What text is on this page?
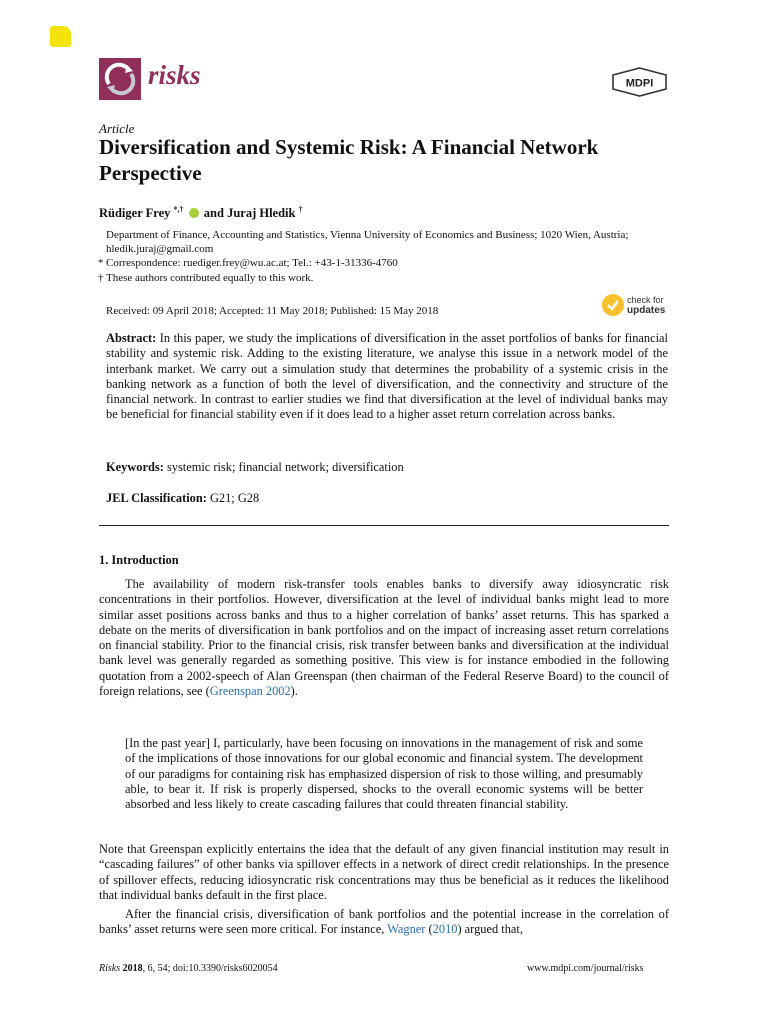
risks	MDPI
Article
Diversification and Systemic Risk: A Financial Network Perspective
Rüdiger Frey *,† and Juraj Hledik †
Department of Finance, Accounting and Statistics, Vienna University of Economics and Business; 1020 Wien, Austria; hledik.juraj@gmail.com
* Correspondence: ruediger.frey@wu.ac.at; Tel.: +43-1-31336-4760
† These authors contributed equally to this work.
Received: 09 April 2018; Accepted: 11 May 2018; Published: 15 May 2018
check for
updates
Abstract: In this paper, we study the implications of diversification in the asset portfolios of banks for financial stability and systemic risk. Adding to the existing literature, we analyse this issue in a network model of the interbank market. We carry out a simulation study that determines the probability of a systemic crisis in the banking network as a function of both the level of diversification, and the connectivity and structure of the financial network. In contrast to earlier studies we find that diversification at the level of individual banks may be beneficial for financial stability even if it does lead to a higher asset return correlation across banks.
Keywords: systemic risk; financial network; diversification
JEL Classification: G21; G28
1. Introduction
The availability of modern risk-transfer tools enables banks to diversify away idiosyncratic risk concentrations in their portfolios. However, diversification at the level of individual banks might lead to more similar asset positions across banks and thus to a higher correlation of banks’ asset returns. This has sparked a debate on the merits of diversification in bank portfolios and on the impact of increasing asset return correlations on financial stability. Prior to the financial crisis, risk transfer between banks and diversification at the individual bank level was generally regarded as something positive. This view is for instance embodied in the following quotation from a 2002-speech of Alan Greenspan (then chairman of the Federal Reserve Board) to the council of foreign relations, see (Greenspan 2002).
[In the past year] I, particularly, have been focusing on innovations in the management of risk and some of the implications of those innovations for our global economic and financial system. The development of our paradigms for containing risk has emphasized dispersion of risk to those willing, and presumably able, to bear it. If risk is properly dispersed, shocks to the overall economic systems will be better absorbed and less likely to create cascading failures that could threaten financial stability.
Note that Greenspan explicitly entertains the idea that the default of any given financial institution may result in “cascading failures” of other banks via spillover effects in a network of direct credit relationships. In the presence of spillover effects, reducing idiosyncratic risk concentrations may thus be beneficial as it reduces the likelihood that individual banks default in the first place.
After the financial crisis, diversification of bank portfolios and the potential increase in the correlation of banks’ asset returns were seen more critical. For instance, Wagner (2010) argued that,
Risks 2018, 6, 54; doi:10.3390/risks6020054	www.mdpi.com/journal/risks
